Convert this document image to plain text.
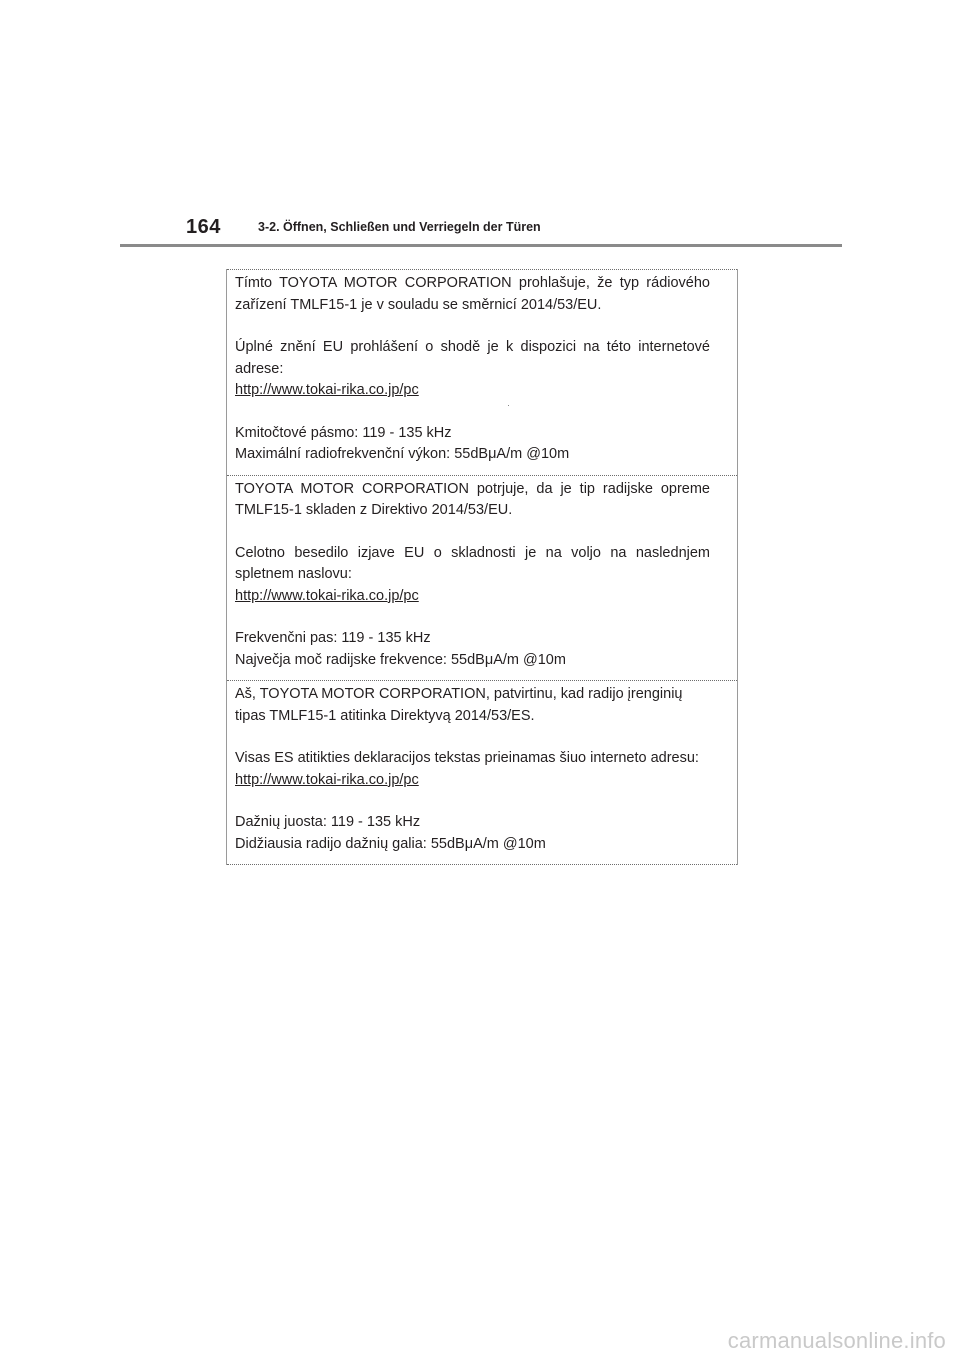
164	3-2. Öffnen, Schließen und Verriegeln der Türen

Tímto TOYOTA MOTOR CORPORATION prohlašuje, že typ rádiového zařízení TMLF15-1 je v souladu se směrnicí 2014/53/EU.

Úplné znění EU prohlášení o shodě je k dispozici na této internetové adrese:

http://www.tokai-rika.co.jp/pc

Kmitočtové pásmo: 119 - 135 kHz

Maximální radiofrekvenční výkon: 55dBμA/m @10m

TOYOTA MOTOR CORPORATION potrjuje, da je tip radijske opreme TMLF15-1 skladen z Direktivo 2014/53/EU.

Celotno besedilo izjave EU o skladnosti je na voljo na naslednjem spletnem naslovu:

http://www.tokai-rika.co.jp/pc

Frekvenčni pas: 119 - 135 kHz

Največja moč radijske frekvence: 55dBμA/m @10m

Aš, TOYOTA MOTOR CORPORATION, patvirtinu, kad radijo įrenginių tipas TMLF15-1 atitinka Direktyvą 2014/53/ES.

Visas ES atitikties deklaracijos tekstas prieinamas šiuo interneto adresu:

http://www.tokai-rika.co.jp/pc

Dažnių juosta: 119 - 135 kHz

Didžiausia radijo dažnių galia: 55dBμA/m @10m

carmanualsonline.info
